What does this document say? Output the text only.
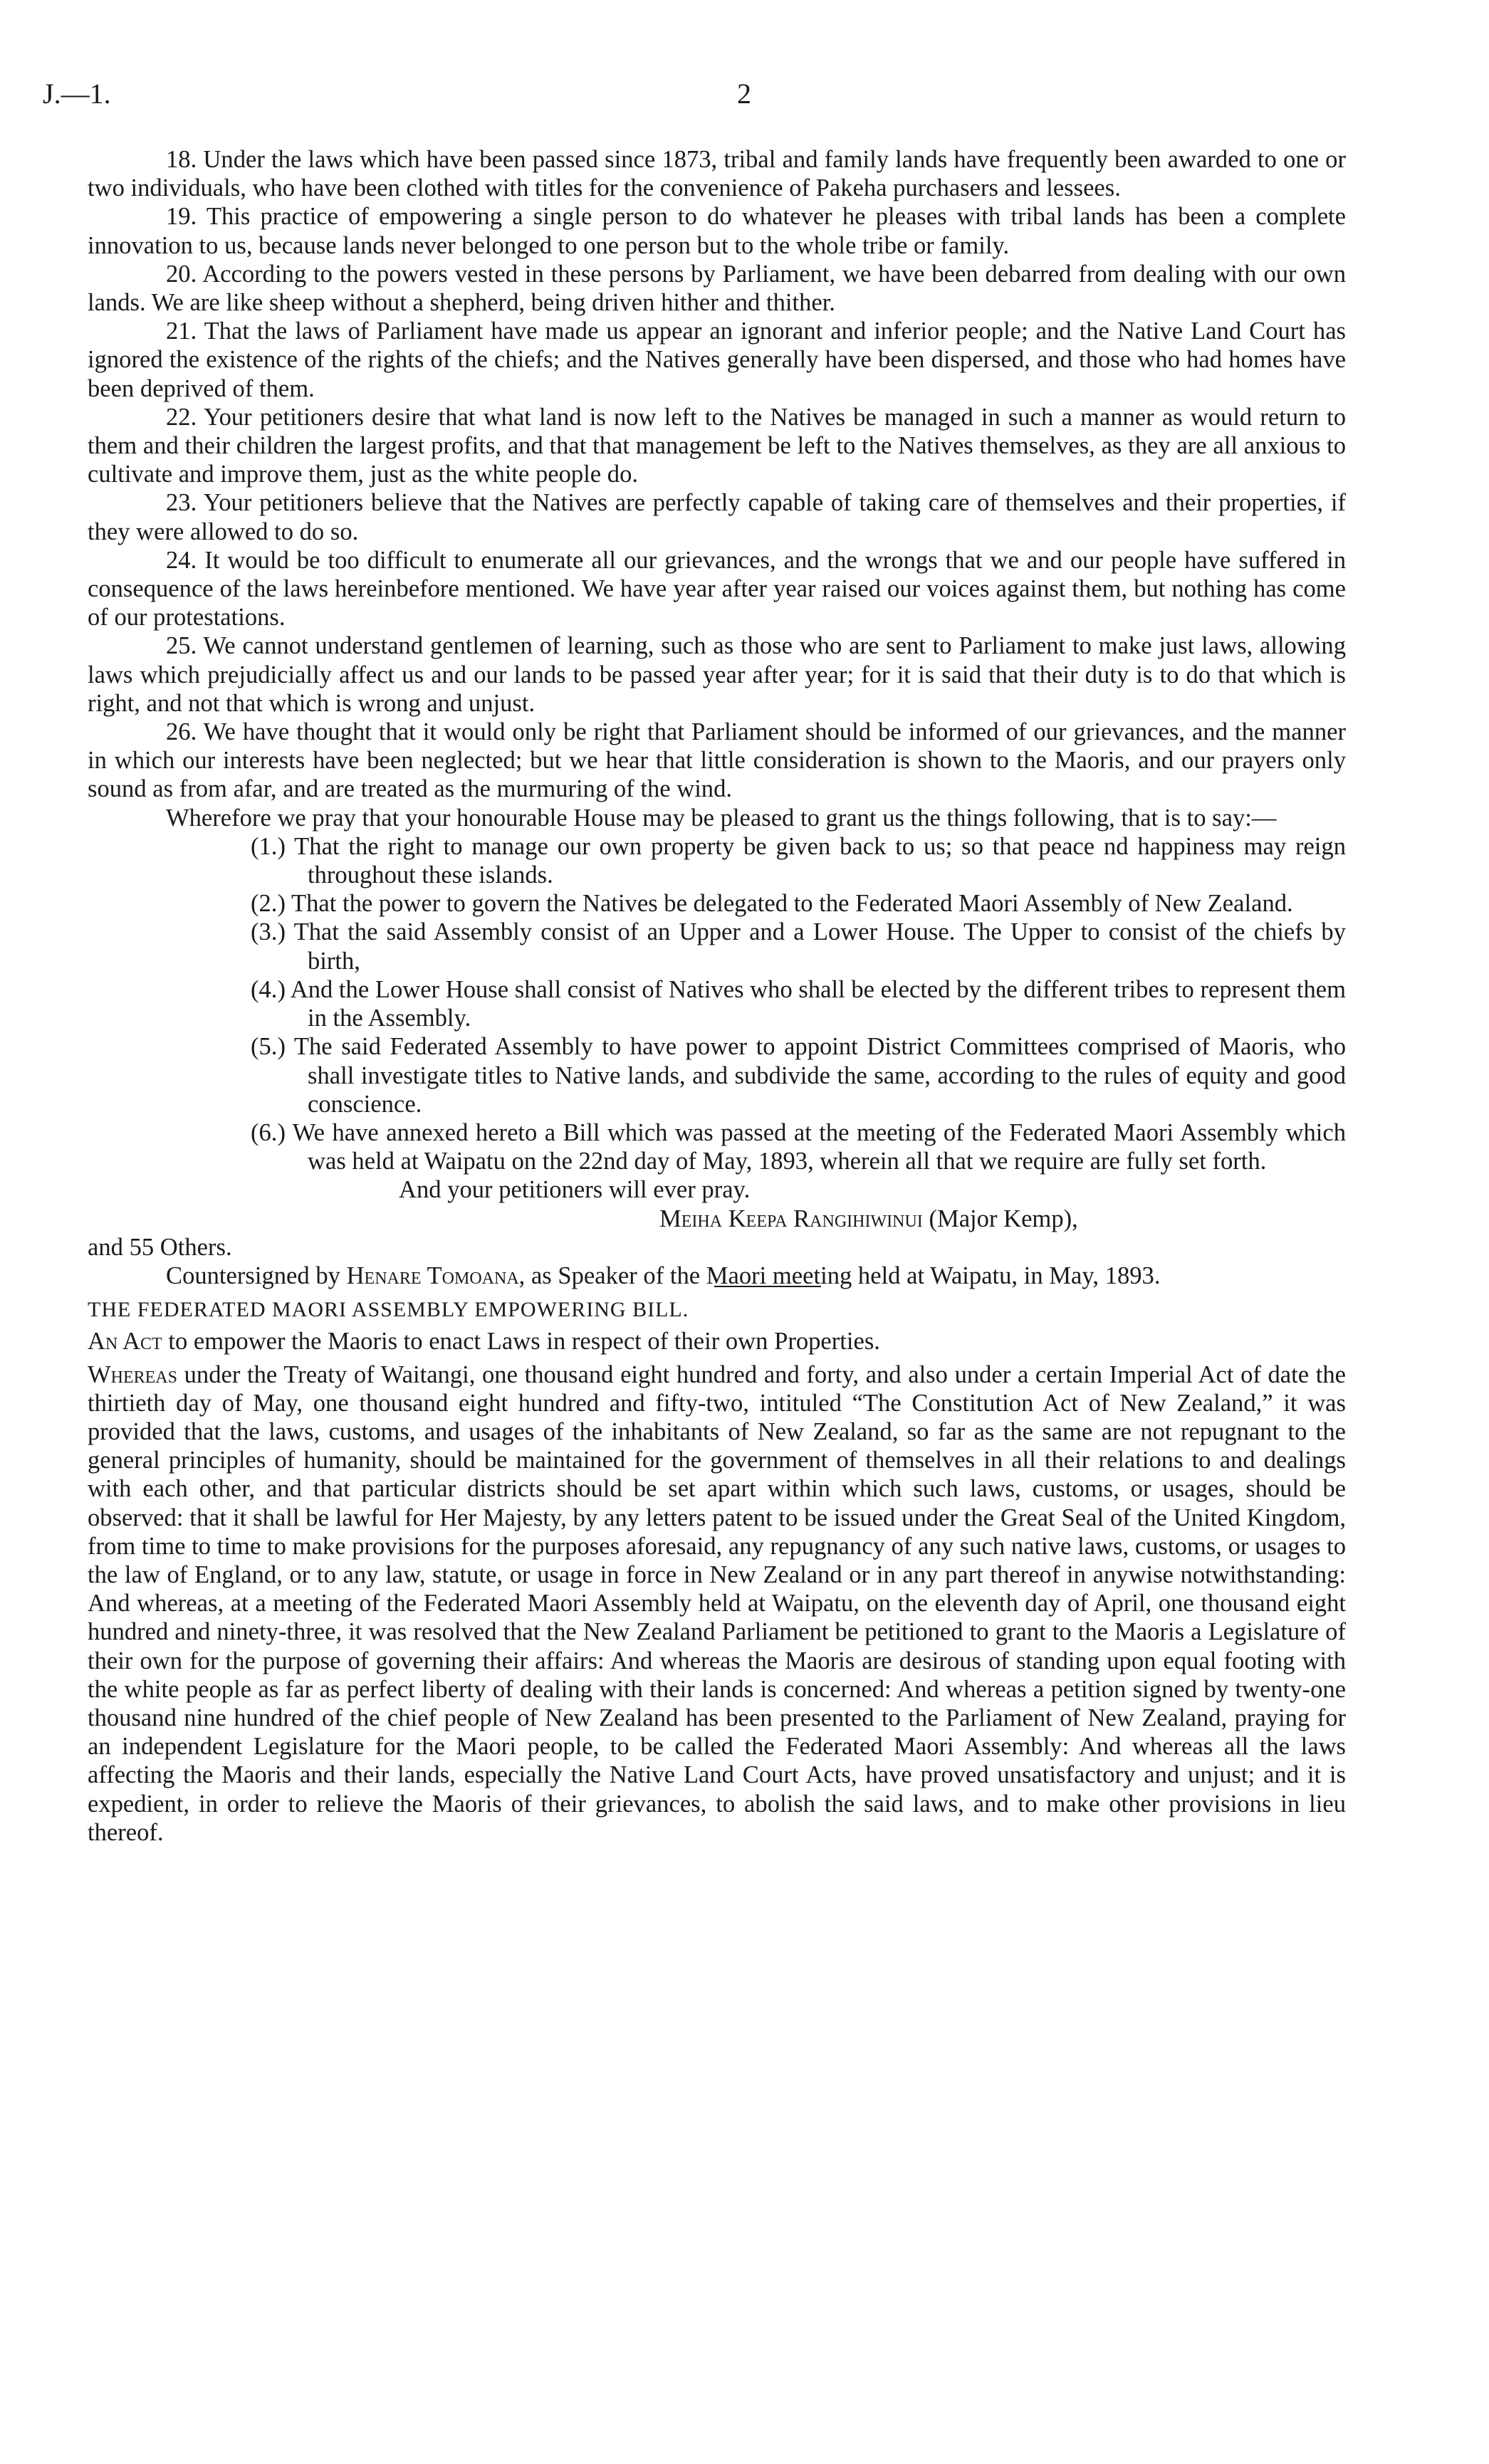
J.—1.	2

18. Under the laws which have been passed since 1873, tribal and family lands have frequently been awarded to one or two individuals, who have been clothed with titles for the convenience of Pakeha purchasers and lessees.

19. This practice of empowering a single person to do whatever he pleases with tribal lands has been a complete innovation to us, because lands never belonged to one person but to the whole tribe or family.

20. According to the powers vested in these persons by Parliament, we have been debarred from dealing with our own lands. We are like sheep without a shepherd, being driven hither and thither.

21. That the laws of Parliament have made us appear an ignorant and inferior people; and the Native Land Court has ignored the existence of the rights of the chiefs; and the Natives generally have been dispersed, and those who had homes have been deprived of them.

22. Your petitioners desire that what land is now left to the Natives be managed in such a manner as would return to them and their children the largest profits, and that that management be left to the Natives themselves, as they are all anxious to cultivate and improve them, just as the white people do.

23. Your petitioners believe that the Natives are perfectly capable of taking care of themselves and their properties, if they were allowed to do so.

24. It would be too difficult to enumerate all our grievances, and the wrongs that we and our people have suffered in consequence of the laws hereinbefore mentioned. We have year after year raised our voices against them, but nothing has come of our protestations.

25. We cannot understand gentlemen of learning, such as those who are sent to Parliament to make just laws, allowing laws which prejudicially affect us and our lands to be passed year after year; for it is said that their duty is to do that which is right, and not that which is wrong and unjust.

26. We have thought that it would only be right that Parliament should be informed of our grievances, and the manner in which our interests have been neglected; but we hear that little consideration is shown to the Maoris, and our prayers only sound as from afar, and are treated as the murmuring of the wind.

Wherefore we pray that your honourable House may be pleased to grant us the things following, that is to say:—

(1.) That the right to manage our own property be given back to us; so that peace nd happiness may reign throughout these islands.
(2.) That the power to govern the Natives be delegated to the Federated Maori Assembly of New Zealand.
(3.) That the said Assembly consist of an Upper and a Lower House. The Upper to consist of the chiefs by birth,
(4.) And the Lower House shall consist of Natives who shall be elected by the different tribes to represent them in the Assembly.
(5.) The said Federated Assembly to have power to appoint District Committees comprised of Maoris, who shall investigate titles to Native lands, and subdivide the same, according to the rules of equity and good conscience.
(6.) We have annexed hereto a Bill which was passed at the meeting of the Federated Maori Assembly which was held at Waipatu on the 22nd day of May, 1893, wherein all that we require are fully set forth.

And your petitioners will ever pray.

Meiha Keepa Rangihiwinui (Major Kemp),

and 55 Others.

Countersigned by Henare Tomoana, as Speaker of the Maori meeting held at Waipatu, in May, 1893.

THE FEDERATED MAORI ASSEMBLY EMPOWERING BILL.

An Act to empower the Maoris to enact Laws in respect of their own Properties.

Whereas under the Treaty of Waitangi, one thousand eight hundred and forty, and also under a certain Imperial Act of date the thirtieth day of May, one thousand eight hundred and fifty-two, intituled “The Constitution Act of New Zealand,” it was provided that the laws, customs, and usages of the inhabitants of New Zealand, so far as the same are not repugnant to the general principles of humanity, should be maintained for the government of themselves in all their relations to and dealings with each other, and that particular districts should be set apart within which such laws, customs, or usages, should be observed: that it shall be lawful for Her Majesty, by any letters patent to be issued under the Great Seal of the United Kingdom, from time to time to make provisions for the purposes aforesaid, any repugnancy of any such native laws, customs, or usages to the law of England, or to any law, statute, or usage in force in New Zealand or in any part thereof in anywise notwithstanding: And whereas, at a meeting of the Federated Maori Assembly held at Waipatu, on the eleventh day of April, one thousand eight hundred and ninety-three, it was resolved that the New Zealand Parliament be petitioned to grant to the Maoris a Legislature of their own for the purpose of governing their affairs: And whereas the Maoris are desirous of standing upon equal footing with the white people as far as perfect liberty of dealing with their lands is concerned: And whereas a petition signed by twenty-one thousand nine hundred of the chief people of New Zealand has been presented to the Parliament of New Zealand, praying for an independent Legislature for the Maori people, to be called the Federated Maori Assembly: And whereas all the laws affecting the Maoris and their lands, especially the Native Land Court Acts, have proved unsatisfactory and unjust; and it is expedient, in order to relieve the Maoris of their grievances, to abolish the said laws, and to make other provisions in lieu thereof.
